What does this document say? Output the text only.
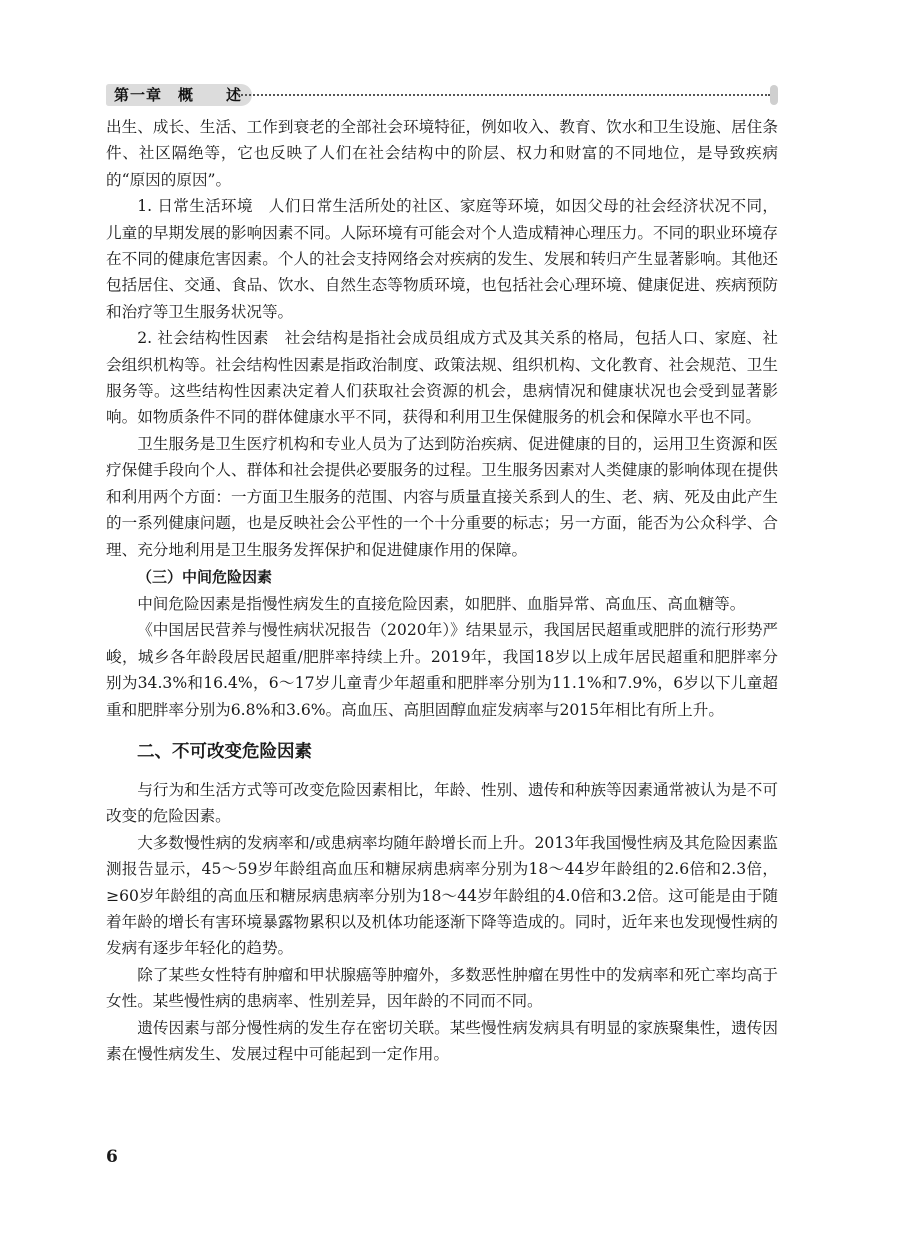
第一章　概　　述

出生、成长、生活、工作到衰老的全部社会环境特征，例如收入、教育、饮水和卫生设施、居住条件、社区隔绝等，它也反映了人们在社会结构中的阶层、权力和财富的不同地位，是导致疾病的“原因的原因”。

1. 日常生活环境　人们日常生活所处的社区、家庭等环境，如因父母的社会经济状况不同，儿童的早期发展的影响因素不同。人际环境有可能会对个人造成精神心理压力。不同的职业环境存在不同的健康危害因素。个人的社会支持网络会对疾病的发生、发展和转归产生显著影响。其他还包括居住、交通、食品、饮水、自然生态等物质环境，也包括社会心理环境、健康促进、疾病预防和治疗等卫生服务状况等。

2. 社会结构性因素　社会结构是指社会成员组成方式及其关系的格局，包括人口、家庭、社会组织机构等。社会结构性因素是指政治制度、政策法规、组织机构、文化教育、社会规范、卫生服务等。这些结构性因素决定着人们获取社会资源的机会，患病情况和健康状况也会受到显著影响。如物质条件不同的群体健康水平不同，获得和利用卫生保健服务的机会和保障水平也不同。

卫生服务是卫生医疗机构和专业人员为了达到防治疾病、促进健康的目的，运用卫生资源和医疗保健手段向个人、群体和社会提供必要服务的过程。卫生服务因素对人类健康的影响体现在提供和利用两个方面：一方面卫生服务的范围、内容与质量直接关系到人的生、老、病、死及由此产生的一系列健康问题，也是反映社会公平性的一个十分重要的标志；另一方面，能否为公众科学、合理、充分地利用是卫生服务发挥保护和促进健康作用的保障。

（三）中间危险因素

中间危险因素是指慢性病发生的直接危险因素，如肥胖、血脂异常、高血压、高血糖等。

《中国居民营养与慢性病状况报告（2020年）》结果显示，我国居民超重或肥胖的流行形势严峻，城乡各年龄段居民超重/肥胖率持续上升。2019年，我国18岁以上成年居民超重和肥胖率分别为34.3%和16.4%，6～17岁儿童青少年超重和肥胖率分别为11.1%和7.9%，6岁以下儿童超重和肥胖率分别为6.8%和3.6%。高血压、高胆固醇血症发病率与2015年相比有所上升。

二、不可改变危险因素

与行为和生活方式等可改变危险因素相比，年龄、性别、遗传和种族等因素通常被认为是不可改变的危险因素。

大多数慢性病的发病率和/或患病率均随年龄增长而上升。2013年我国慢性病及其危险因素监测报告显示，45～59岁年龄组高血压和糖尿病患病率分别为18～44岁年龄组的2.6倍和2.3倍，≥60岁年龄组的高血压和糖尿病患病率分别为18～44岁年龄组的4.0倍和3.2倍。这可能是由于随着年龄的增长有害环境暴露物累积以及机体功能逐渐下降等造成的。同时，近年来也发现慢性病的发病有逐步年轻化的趋势。

除了某些女性特有肿瘤和甲状腺癌等肿瘤外，多数恶性肿瘤在男性中的发病率和死亡率均高于女性。某些慢性病的患病率、性别差异，因年龄的不同而不同。

遗传因素与部分慢性病的发生存在密切关联。某些慢性病发病具有明显的家族聚集性，遗传因素在慢性病发生、发展过程中可能起到一定作用。

6
